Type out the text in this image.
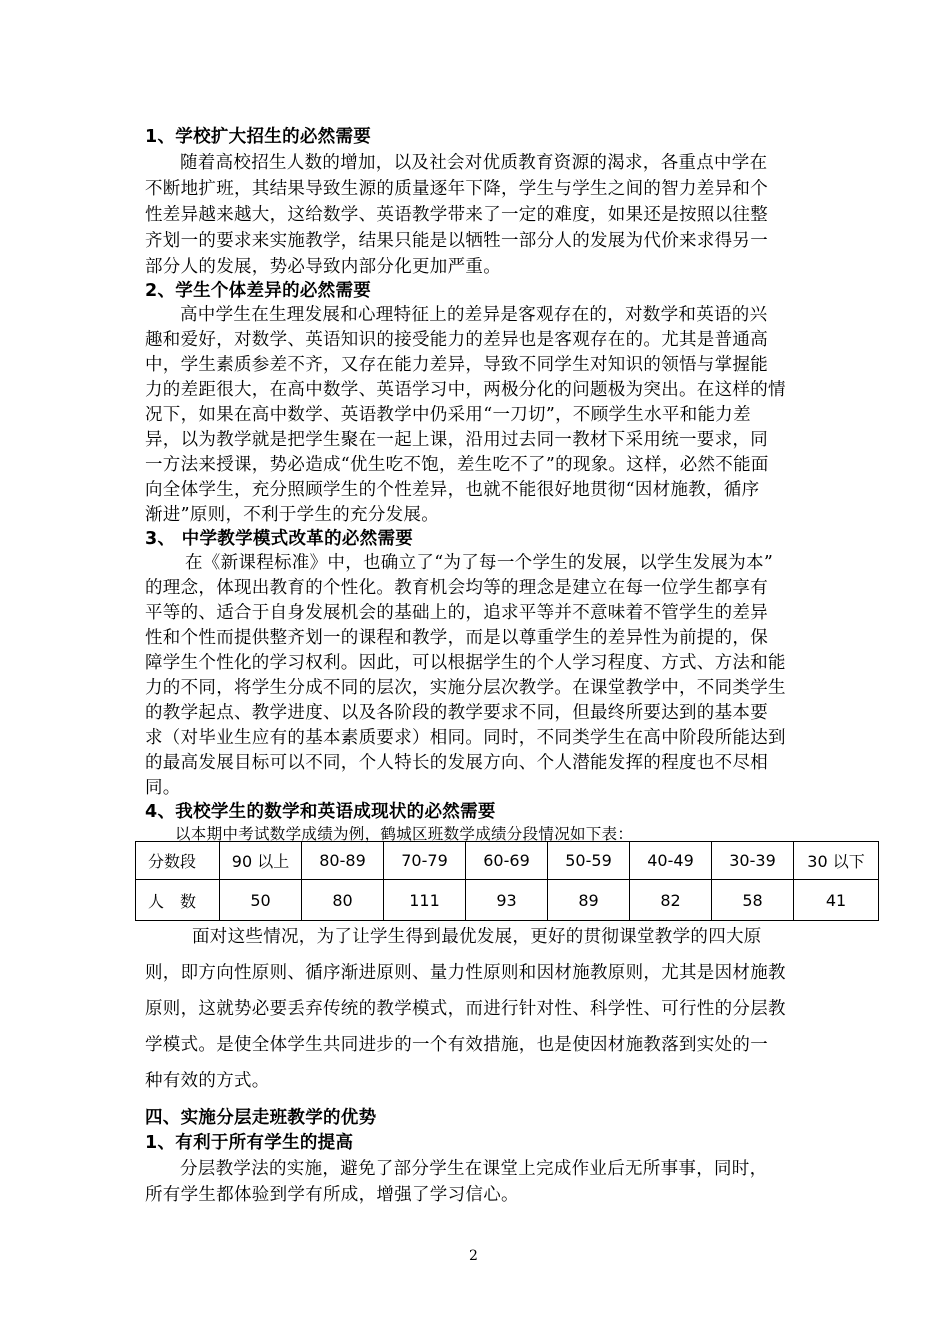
1、学校扩大招生的必然需要
随着高校招生人数的增加，以及社会对优质教育资源的渴求，各重点中学在
不断地扩班，其结果导致生源的质量逐年下降，学生与学生之间的智力差异和个
性差异越来越大，这给数学、英语教学带来了一定的难度，如果还是按照以往整
齐划一的要求来实施教学，结果只能是以牺牲一部分人的发展为代价来求得另一
部分人的发展，势必导致内部分化更加严重。
2、学生个体差异的必然需要
高中学生在生理发展和心理特征上的差异是客观存在的，对数学和英语的兴
趣和爱好，对数学、英语知识的接受能力的差异也是客观存在的。尤其是普通高
中，学生素质参差不齐，又存在能力差异，导致不同学生对知识的领悟与掌握能
力的差距很大，在高中数学、英语学习中，两极分化的问题极为突出。在这样的情
况下，如果在高中数学、英语教学中仍采用“一刀切”，不顾学生水平和能力差
异，以为教学就是把学生聚在一起上课，沿用过去同一教材下采用统一要求，同
一方法来授课，势必造成“优生吃不饱，差生吃不了”的现象。这样，必然不能面
向全体学生，充分照顾学生的个性差异，也就不能很好地贯彻“因材施教，循序
渐进”原则，不利于学生的充分发展。
3、 中学教学模式改革的必然需要
在《新课程标准》中，也确立了“为了每一个学生的发展，以学生发展为本”
的理念，体现出教育的个性化。教育机会均等的理念是建立在每一位学生都享有
平等的、适合于自身发展机会的基础上的，追求平等并不意味着不管学生的差异
性和个性而提供整齐划一的课程和教学，而是以尊重学生的差异性为前提的，保
障学生个性化的学习权利。因此，可以根据学生的个人学习程度、方式、方法和能
力的不同，将学生分成不同的层次，实施分层次教学。在课堂教学中，不同类学生
的教学起点、教学进度、以及各阶段的教学要求不同，但最终所要达到的基本要
求（对毕业生应有的基本素质要求）相同。同时，不同类学生在高中阶段所能达到
的最高发展目标可以不同，个人特长的发展方向、个人潜能发挥的程度也不尽相
同。
4、我校学生的数学和英语成现状的必然需要
以本期中考试数学成绩为例，鹤城区班数学成绩分段情况如下表：
分数段	90 以上	80-89	70-79	60-69	50-59	40-49	30-39	30 以下
人　数	50	80	111	93	89	82	58	41
面对这些情况，为了让学生得到最优发展，更好的贯彻课堂教学的四大原
则，即方向性原则、循序渐进原则、量力性原则和因材施教原则，尤其是因材施教
原则，这就势必要丢弃传统的教学模式，而进行针对性、科学性、可行性的分层教
学模式。是使全体学生共同进步的一个有效措施，也是使因材施教落到实处的一
种有效的方式。
四、实施分层走班教学的优势
1、有利于所有学生的提高
分层教学法的实施，避免了部分学生在课堂上完成作业后无所事事，同时，
所有学生都体验到学有所成，增强了学习信心。
2
